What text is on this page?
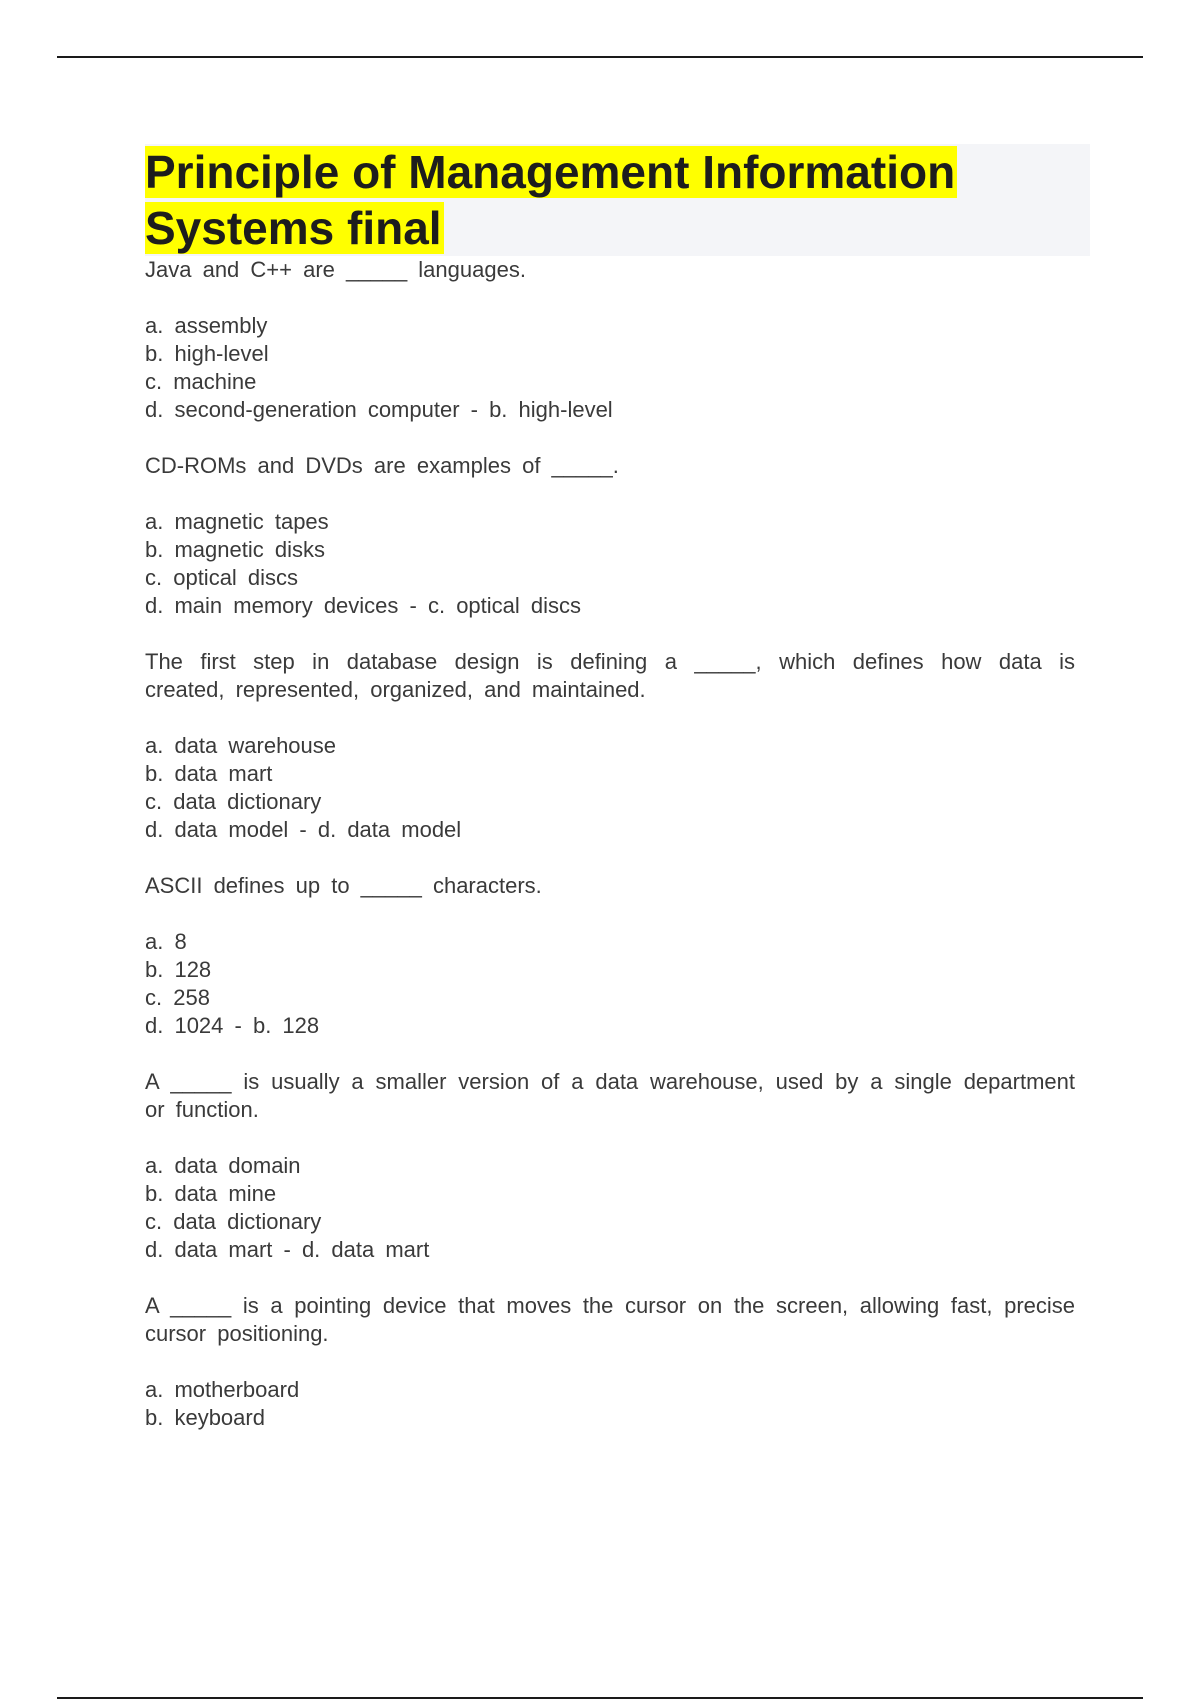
Principle of Management Information Systems final

Java and C++ are _____ languages.

a. assembly
b. high-level
c. machine
d. second-generation computer - b. high-level

CD-ROMs and DVDs are examples of _____.

a. magnetic tapes
b. magnetic disks
c. optical discs
d. main memory devices - c. optical discs

The first step in database design is defining a _____, which defines how data is created, represented, organized, and maintained.

a. data warehouse
b. data mart
c. data dictionary
d. data model - d. data model

ASCII defines up to _____ characters.

a. 8
b. 128
c. 258
d. 1024 - b. 128

A _____ is usually a smaller version of a data warehouse, used by a single department or function.

a. data domain
b. data mine
c. data dictionary
d. data mart - d. data mart

A _____ is a pointing device that moves the cursor on the screen, allowing fast, precise cursor positioning.

a. motherboard
b. keyboard
